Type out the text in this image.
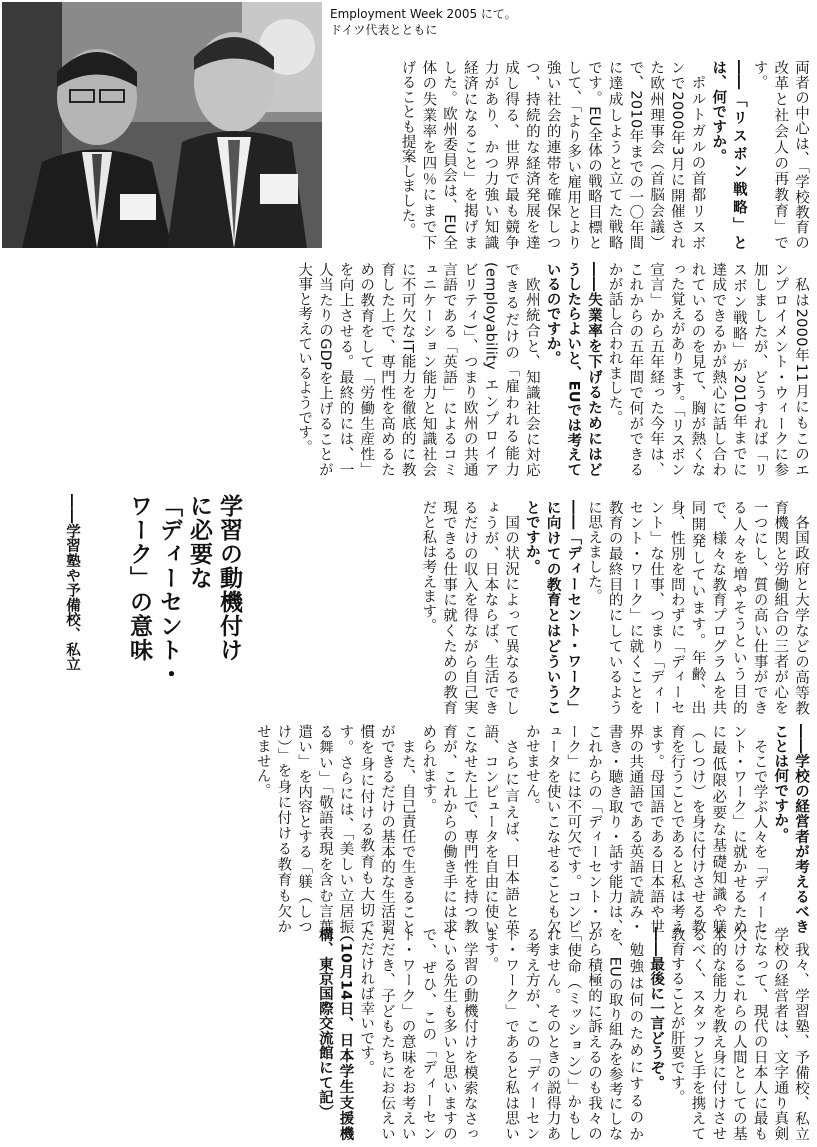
Employment Week 2005 にて。
ドイツ代表とともに

両者の中心は、「学校教育の改革と社会人の再教育」です。

――「リスボン戦略」とは、何ですか。

ポルトガルの首都リスボンで2000年3月に開催された欧州理事会（首脳会議）で、2010年までの一〇年間に達成しようと立てた戦略です。EU全体の戦略目標として、「より多い雇用とより強い社会的連帯を確保しつつ、持続的な経済発展を達成し得る、世界で最も競争力があり、かつ力強い知識経済になること」を掲げました。欧州委員会は、EU全体の失業率を四％にまで下げることも提案しました。

私は2000年11月にもこのエンプロイメント・ウィークに参加しましたが、どうすれば「リスボン戦略」が2010年までに達成できるかが熱心に話し合われているのを見て、胸が熱くなった覚えがあります。「リスボン宣言」から五年経った今年は、これからの五年間で何ができるかが話し合われました。

――失業率を下げるためにはどうしたらよいと、EUでは考えているのですか。

欧州統合と、知識社会に対応できるだけの「雇われる能力(employability エンプロイアビリティ)」、つまり欧州の共通言語である「英語」によるコミュニケーション能力と知識社会に不可欠なIT能力を徹底的に教育した上で、専門性を高めるための教育をして「労働生産性」を向上させる。最終的には、一人当たりのGDPを上げることが大事と考えているようです。

各国政府と大学などの高等教育機関と労働組合の三者が心を一つにし、質の高い仕事ができる人々を増やそうという目的で、様々な教育プログラムを共同開発しています。年齢、出身、性別を問わずに「ディーセント」な仕事、つまり「ディーセント・ワーク」に就くことを教育の最終目的にしているように思えました。

――「ディーセント・ワーク」に向けての教育とはどういうことですか。

国の状況によって異なるでしょうが、日本ならば、生活できるだけの収入を得ながら自己実現できる仕事に就くための教育だと私は考えます。

学習の動機付け
に必要な
「ディーセント・
ワーク」の意味

――学習塾や予備校、私立

――学校の経営者が考えるべきことは何ですか。

そこで学ぶ人々を「ディーセント・ワーク」に就かせるために最低限必要な基礎知識や躾（しつけ）を身に付けさせる教育を行うことであると私は考えます。母国語である日本語や世界の共通語である英語で読み・書き・聴き取り・話す能力は、これからの「ディーセント・ワーク」には不可欠です。コンピュータを使いこなせることも欠かせません。

さらに言えば、日本語と英語、コンピュータを自由に使いこなせた上で、専門性を持つ教育が、これからの働き手には求められます。

また、自己責任で生きることができるだけの基本的な生活習慣を身に付ける教育も大切です。さらには、「美しい立居振る舞い」「敬語表現を含む言葉遣い」を内容とする「躾（しつけ）」を身に付ける教育も欠かせません。

我々、学習塾、予備校、私立学校の経営者は、文字通り真剣になって、現代の日本人に最も欠けるこれらの人間としての基本的な能力を教え身に付けさせるべく、スタッフと手を携えて教育することが肝要です。

――最後に一言どうぞ。

勉強は何のためにするのかを、EUの取り組みを参考にしながら積極的に訴えるのも我々の「使命（ミッション）」かもしれません。そのときの説得力ある考え方が、この「ディーセント・ワーク」であると私は思います。

学習の動機付けを模索なさっている先生も多いと思いますので、ぜひ、この「ディーセント・ワーク」の意味をお考えいただき、子どもたちにお伝えいただければ幸いです。

（10月14日、日本学生支援機構、東京国際交流館にて記）
